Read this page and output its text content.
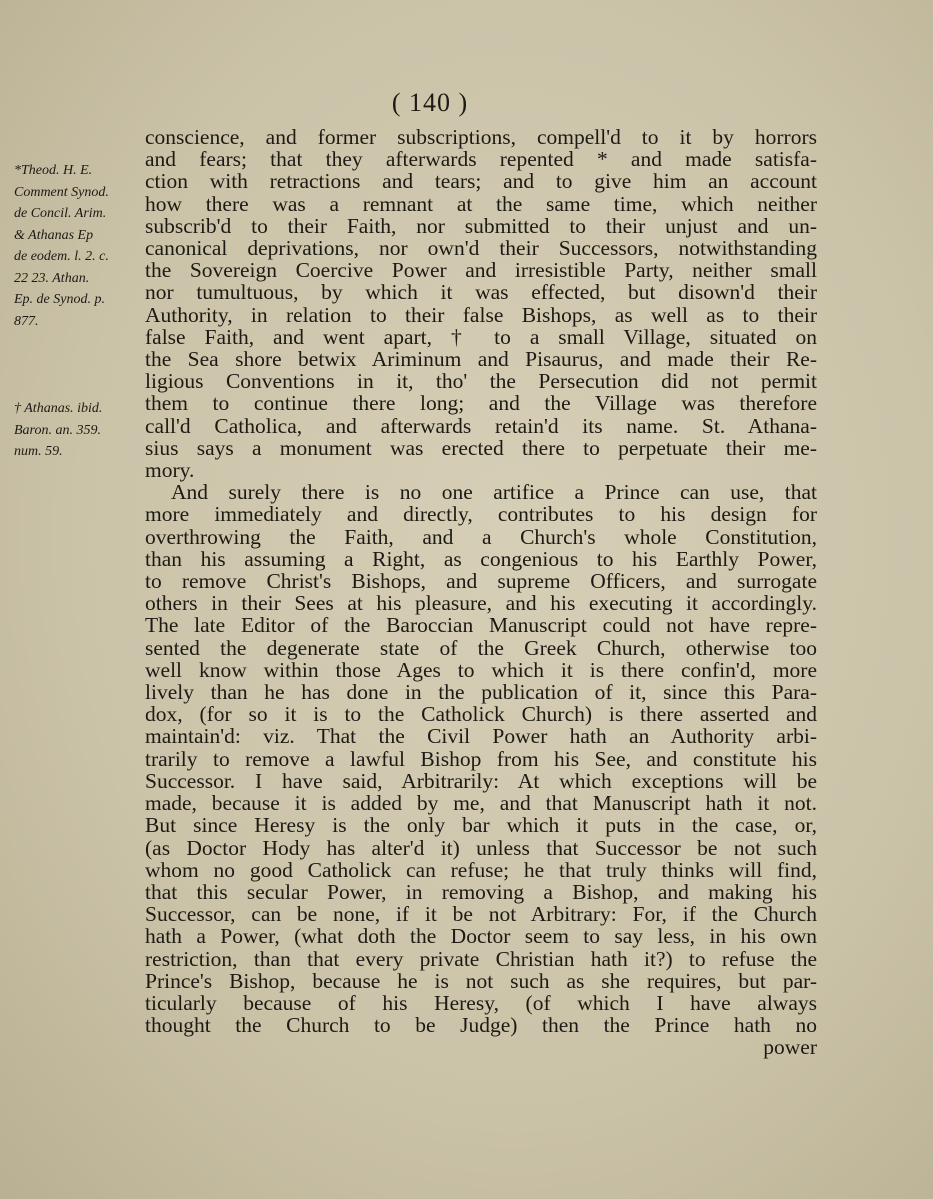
( 140 )
*Theod. H. E.
Comment Synod.
de Concil. Arim.
& Athanas Ep
de eodem. l. 2. c.
22 23. Athan.
Ep. de Synod. p.
877.
† Athanas. ibid.
Baron. an. 359.
num. 59.
conscience, and former subscriptions, compell'd to it by horrors
and fears; that they afterwards repented * and made satisfa-
ction with retractions and tears; and to give him an account
how there was a remnant at the same time, which neither
subscrib'd to their Faith, nor submitted to their unjust and un-
canonical deprivations, nor own'd their Successors, notwithstanding
the Sovereign Coercive Power and irresistible Party, neither small
nor tumultuous, by which it was effected, but disown'd their
Authority, in relation to their false Bishops, as well as to their
false Faith, and went apart, † to a small Village, situated on
the Sea shore betwix Ariminum and Pisaurus, and made their Re-
ligious Conventions in it, tho' the Persecution did not permit
them to continue there long; and the Village was therefore
call'd Catholica, and afterwards retain'd its name. St. Athana-
sius says a monument was erected there to perpetuate their me-
mory.
And surely there is no one artifice a Prince can use, that
more immediately and directly, contributes to his design for
overthrowing the Faith, and a Church's whole Constitution,
than his assuming a Right, as congenious to his Earthly Power,
to remove Christ's Bishops, and supreme Officers, and surrogate
others in their Sees at his pleasure, and his executing it accordingly.
The late Editor of the Baroccian Manuscript could not have repre-
sented the degenerate state of the Greek Church, otherwise too
well know within those Ages to which it is there confin'd, more
lively than he has done in the publication of it, since this Para-
dox, (for so it is to the Catholick Church) is there asserted and
maintain'd: viz. That the Civil Power hath an Authority arbi-
trarily to remove a lawful Bishop from his See, and constitute his
Successor. I have said, Arbitrarily: At which exceptions will be
made, because it is added by me, and that Manuscript hath it not.
But since Heresy is the only bar which it puts in the case, or,
(as Doctor Hody has alter'd it) unless that Successor be not such
whom no good Catholick can refuse; he that truly thinks will find,
that this secular Power, in removing a Bishop, and making his
Successor, can be none, if it be not Arbitrary: For, if the Church
hath a Power, (what doth the Doctor seem to say less, in his own
restriction, than that every private Christian hath it?) to refuse the
Prince's Bishop, because he is not such as she requires, but par-
ticularly because of his Heresy, (of which I have always
thought the Church to be Judge) then the Prince hath no
power
